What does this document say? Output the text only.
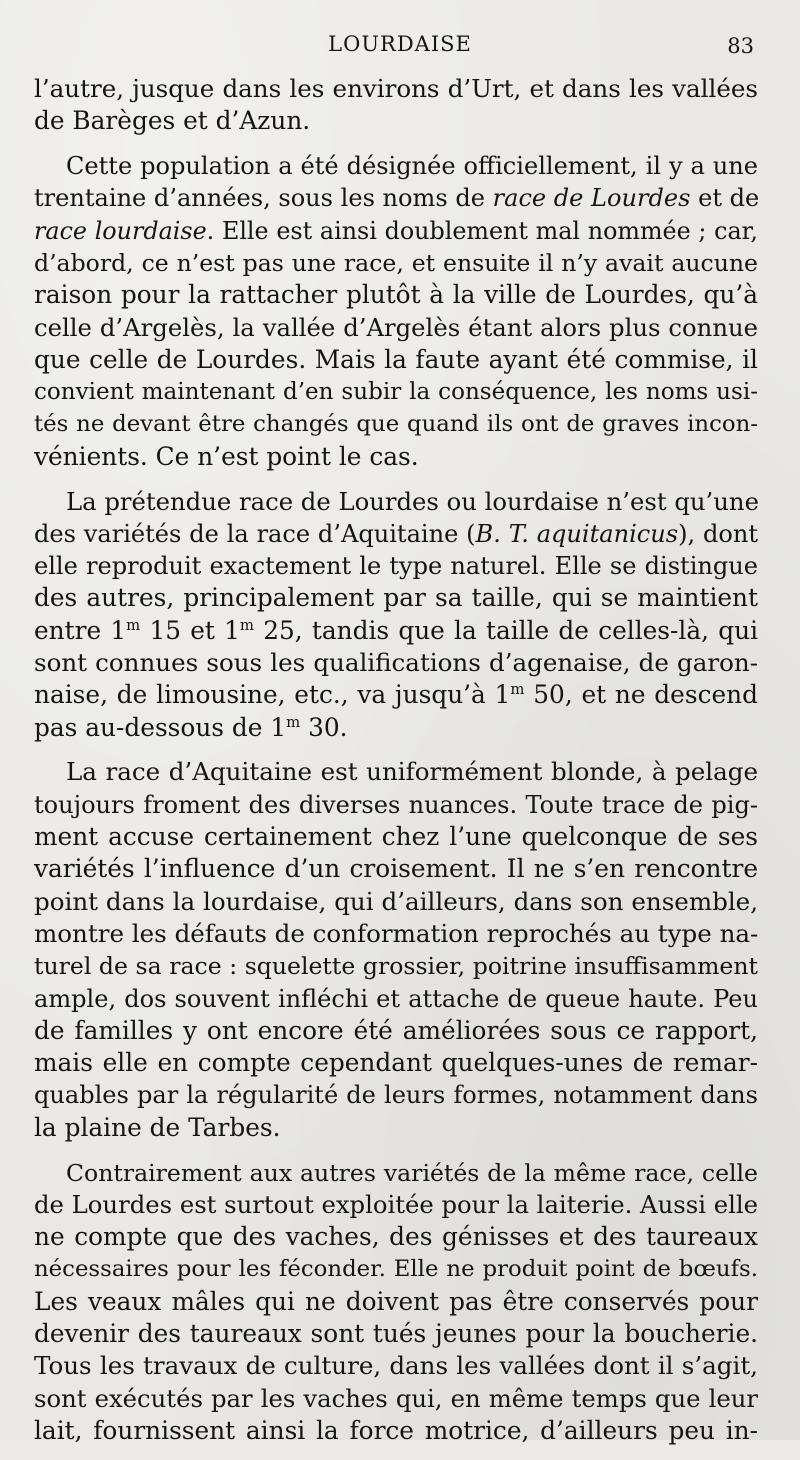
LOURDAISE	83
l’autre, jusque dans les environs d’Urt, et dans les vallées
de Barèges et d’Azun.
Cette population a été désignée officiellement, il y a une
trentaine d’années, sous les noms de race de Lourdes et de
race lourdaise. Elle est ainsi doublement mal nommée ; car,
d’abord, ce n’est pas une race, et ensuite il n’y avait aucune
raison pour la rattacher plutôt à la ville de Lourdes, qu’à
celle d’Argelès, la vallée d’Argelès étant alors plus connue
que celle de Lourdes. Mais la faute ayant été commise, il
convient maintenant d’en subir la conséquence, les noms usi-
tés ne devant être changés que quand ils ont de graves incon-
vénients. Ce n’est point le cas.
La prétendue race de Lourdes ou lourdaise n’est qu’une
des variétés de la race d’Aquitaine (B. T. aquitanicus), dont
elle reproduit exactement le type naturel. Elle se distingue
des autres, principalement par sa taille, qui se maintient
entre 1$^m$ 15 et 1$^m$ 25, tandis que la taille de celles-là, qui
sont connues sous les qualifications d’agenaise, de garon-
naise, de limousine, etc., va jusqu’à 1$^m$ 50, et ne descend
pas au-dessous de 1$^m$ 30.
La race d’Aquitaine est uniformément blonde, à pelage
toujours froment des diverses nuances. Toute trace de pig-
ment accuse certainement chez l’une quelconque de ses
variétés l’influence d’un croisement. Il ne s’en rencontre
point dans la lourdaise, qui d’ailleurs, dans son ensemble,
montre les défauts de conformation reprochés au type na-
turel de sa race : squelette grossier, poitrine insuffisamment
ample, dos souvent infléchi et attache de queue haute. Peu
de familles y ont encore été améliorées sous ce rapport,
mais elle en compte cependant quelques-unes de remar-
quables par la régularité de leurs formes, notamment dans
la plaine de Tarbes.
Contrairement aux autres variétés de la même race, celle
de Lourdes est surtout exploitée pour la laiterie. Aussi elle
ne compte que des vaches, des génisses et des taureaux
nécessaires pour les féconder. Elle ne produit point de bœufs.
Les veaux mâles qui ne doivent pas être conservés pour
devenir des taureaux sont tués jeunes pour la boucherie.
Tous les travaux de culture, dans les vallées dont il s’agit,
sont exécutés par les vaches qui, en même temps que leur
lait, fournissent ainsi la force motrice, d’ailleurs peu in-
